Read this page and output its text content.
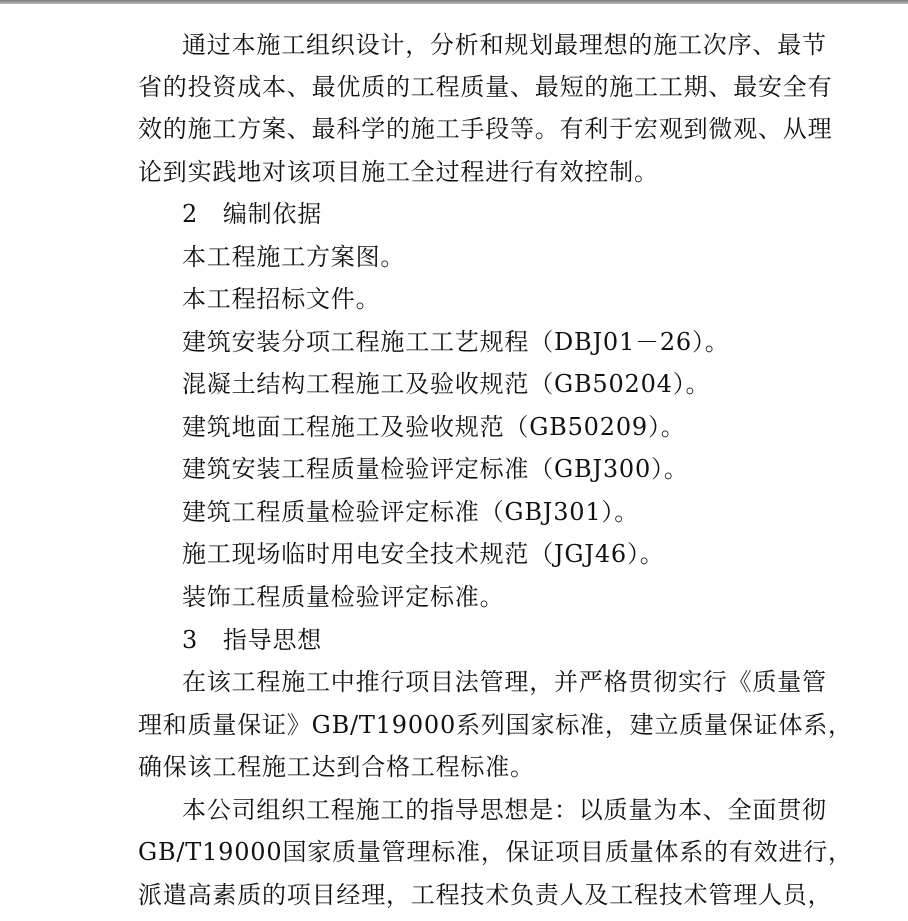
通过本施工组织设计，分析和规划最理想的施工次序、最节
省的投资成本、最优质的工程质量、最短的施工工期、最安全有
效的施工方案、最科学的施工手段等。有利于宏观到微观、从理
论到实践地对该项目施工全过程进行有效控制。
2　编制依据
本工程施工方案图。
本工程招标文件。
建筑安装分项工程施工工艺规程（DBJ01－26）。
混凝土结构工程施工及验收规范（GB50204）。
建筑地面工程施工及验收规范（GB50209）。
建筑安装工程质量检验评定标准（GBJ300）。
建筑工程质量检验评定标准（GBJ301）。
施工现场临时用电安全技术规范（JGJ46）。
装饰工程质量检验评定标准。
3　指导思想
在该工程施工中推行项目法管理，并严格贯彻实行《质量管
理和质量保证》GB/T19000系列国家标准，建立质量保证体系，
确保该工程施工达到合格工程标准。
本公司组织工程施工的指导思想是：以质量为本、全面贯彻
GB/T19000国家质量管理标准，保证项目质量体系的有效进行，
派遣高素质的项目经理，工程技术负责人及工程技术管理人员，
